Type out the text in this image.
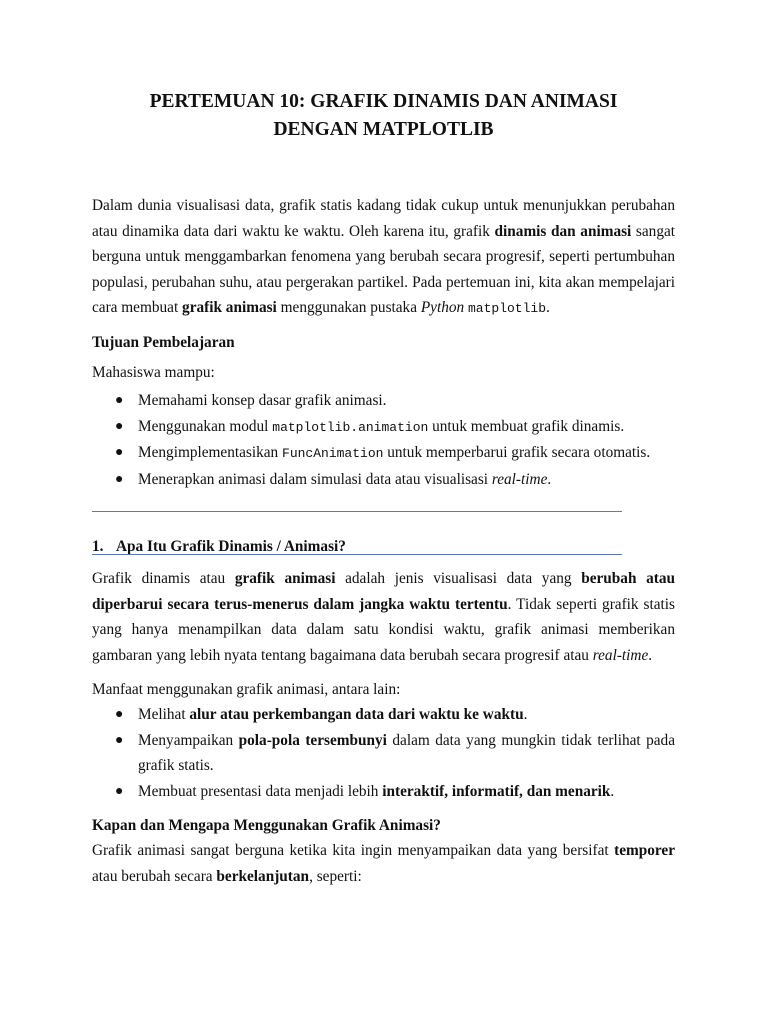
PERTEMUAN 10: GRAFIK DINAMIS DAN ANIMASI
DENGAN MATPLOTLIB

Dalam dunia visualisasi data, grafik statis kadang tidak cukup untuk menunjukkan perubahan
atau dinamika data dari waktu ke waktu. Oleh karena itu, grafik dinamis dan animasi sangat
berguna untuk menggambarkan fenomena yang berubah secara progresif, seperti pertumbuhan
populasi, perubahan suhu, atau pergerakan partikel. Pada pertemuan ini, kita akan mempelajari
cara membuat grafik animasi menggunakan pustaka Python matplotlib.

Tujuan Pembelajaran

Mahasiswa mampu:

● Memahami konsep dasar grafik animasi.
● Menggunakan modul matplotlib.animation untuk membuat grafik dinamis.
● Mengimplementasikan FuncAnimation untuk memperbarui grafik secara otomatis.
● Menerapkan animasi dalam simulasi data atau visualisasi real-time.
1. Apa Itu Grafik Dinamis / Animasi?

Grafik dinamis atau grafik animasi adalah jenis visualisasi data yang berubah atau
diperbarui secara terus-menerus dalam jangka waktu tertentu. Tidak seperti grafik statis
yang hanya menampilkan data dalam satu kondisi waktu, grafik animasi memberikan
gambaran yang lebih nyata tentang bagaimana data berubah secara progresif atau real-time.

Manfaat menggunakan grafik animasi, antara lain:

● Melihat alur atau perkembangan data dari waktu ke waktu.
● Menyampaikan pola-pola tersembunyi dalam data yang mungkin tidak terlihat pada
grafik statis.
● Membuat presentasi data menjadi lebih interaktif, informatif, dan menarik.
Kapan dan Mengapa Menggunakan Grafik Animasi?

Grafik animasi sangat berguna ketika kita ingin menyampaikan data yang bersifat temporer
atau berubah secara berkelanjutan, seperti:
